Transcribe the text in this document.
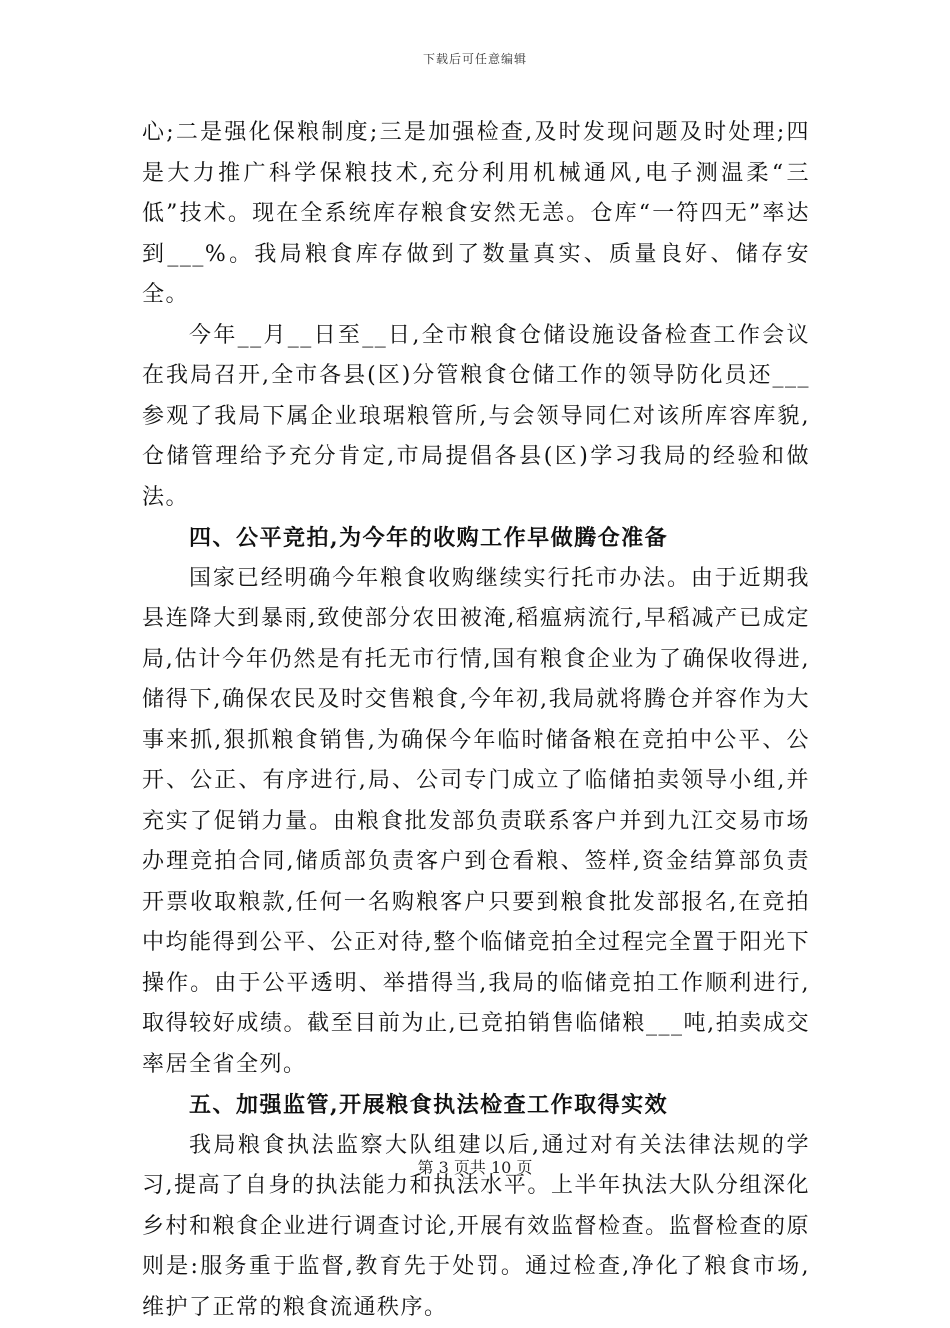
下载后可任意编辑

心;二是强化保粮制度;三是加强检查,及时发现问题及时处理;四是大力推广科学保粮技术,充分利用机械通风,电子测温柔“三低”技术。现在全系统库存粮食安然无恙。仓库“一符四无”率达到___%。我局粮食库存做到了数量真实、质量良好、储存安全。

今年__月__日至__日,全市粮食仓储设施设备检查工作会议在我局召开,全市各县(区)分管粮食仓储工作的领导防化员还___参观了我局下属企业琅琚粮管所,与会领导同仁对该所库容库貌,仓储管理给予充分肯定,市局提倡各县(区)学习我局的经验和做法。

四、公平竞拍,为今年的收购工作早做腾仓准备

国家已经明确今年粮食收购继续实行托市办法。由于近期我县连降大到暴雨,致使部分农田被淹,稻瘟病流行,早稻减产已成定局,估计今年仍然是有托无市行情,国有粮食企业为了确保收得进,储得下,确保农民及时交售粮食,今年初,我局就将腾仓并容作为大事来抓,狠抓粮食销售,为确保今年临时储备粮在竞拍中公平、公开、公正、有序进行,局、公司专门成立了临储拍卖领导小组,并充实了促销力量。由粮食批发部负责联系客户并到九江交易市场办理竞拍合同,储质部负责客户到仓看粮、签样,资金结算部负责开票收取粮款,任何一名购粮客户只要到粮食批发部报名,在竞拍中均能得到公平、公正对待,整个临储竞拍全过程完全置于阳光下操作。由于公平透明、举措得当,我局的临储竞拍工作顺利进行,取得较好成绩。截至目前为止,已竞拍销售临储粮___吨,拍卖成交率居全省全列。

五、加强监管,开展粮食执法检查工作取得实效

我局粮食执法监察大队组建以后,通过对有关法律法规的学习,提高了自身的执法能力和执法水平。上半年执法大队分组深化乡村和粮食企业进行调查讨论,开展有效监督检查。监督检查的原则是:服务重于监督,教育先于处罚。通过检查,净化了粮食市场,维护了正常的粮食流通秩序。

第 3 页共 10 页
